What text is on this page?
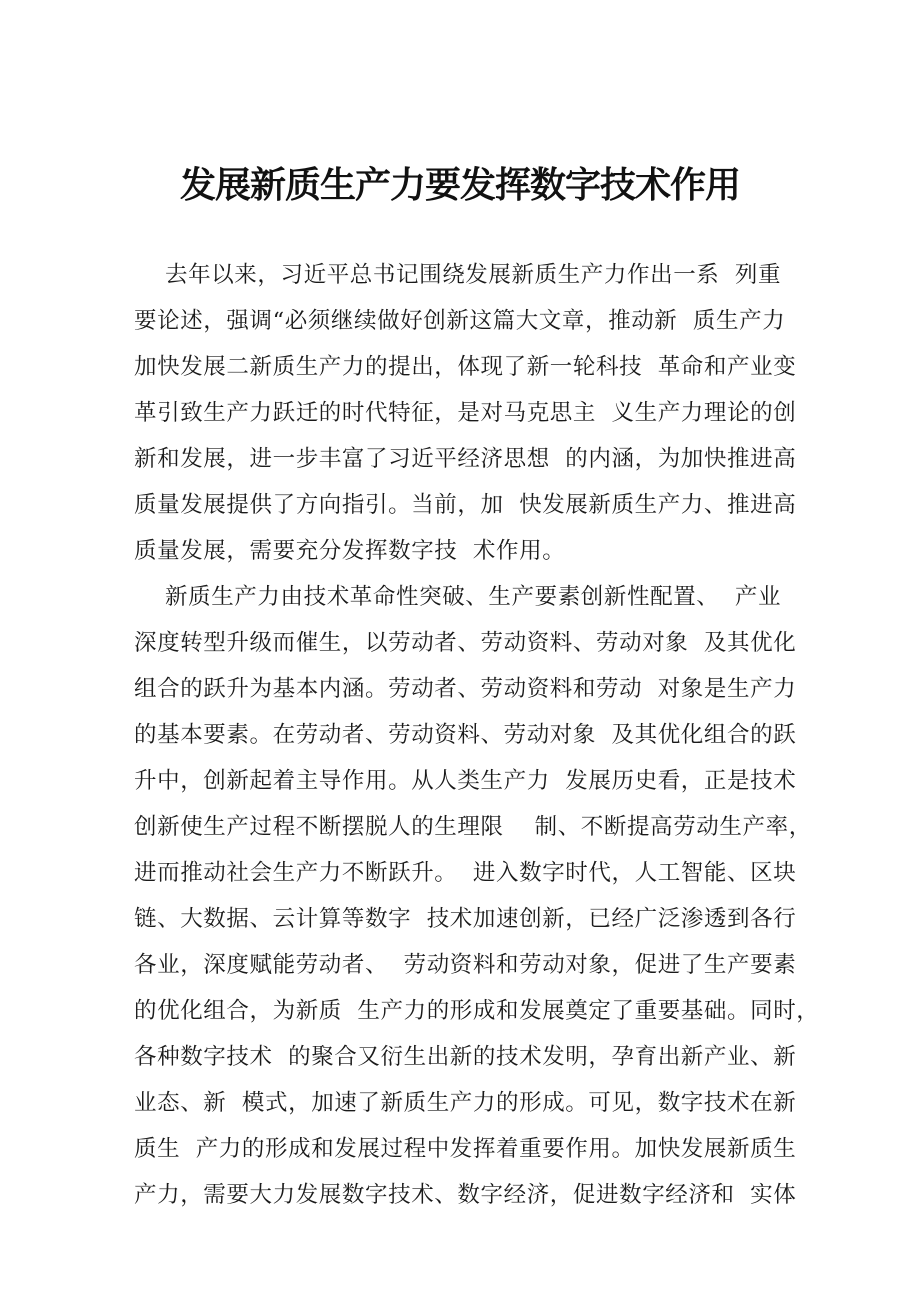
发展新质生产力要发挥数字技术作用
去年以来，习近平总书记围绕发展新质生产力作出一系  列重
要论述，强调“必须继续做好创新这篇大文章，推动新  质生产力
加快发展二新质生产力的提出，体现了新一轮科技  革命和产业变
革引致生产力跃迁的时代特征，是对马克思主  义生产力理论的创
新和发展，进一步丰富了习近平经济思想  的内涵，为加快推进高
质量发展提供了方向指引。当前，加  快发展新质生产力、推进高
质量发展，需要充分发挥数字技  术作用。
新质生产力由技术革命性突破、生产要素创新性配置、  产业
深度转型升级而催生，以劳动者、劳动资料、劳动对象  及其优化
组合的跃升为基本内涵。劳动者、劳动资料和劳动  对象是生产力
的基本要素。在劳动者、劳动资料、劳动对象  及其优化组合的跃
升中，创新起着主导作用。从人类生产力  发展历史看，正是技术
创新使生产过程不断摆脱人的生理限    制、不断提高劳动生产率，
进而推动社会生产力不断跃升。  进入数字时代，人工智能、区块
链、大数据、云计算等数字  技术加速创新，已经广泛渗透到各行
各业，深度赋能劳动者、  劳动资料和劳动对象，促进了生产要素
的优化组合，为新质  生产力的形成和发展奠定了重要基础。同时，
各种数字技术  的聚合又衍生出新的技术发明，孕育出新产业、新
业态、新  模式，加速了新质生产力的形成。可见，数字技术在新
质生  产力的形成和发展过程中发挥着重要作用。加快发展新质生
产力，需要大力发展数字技术、数字经济，促进数字经济和  实体
